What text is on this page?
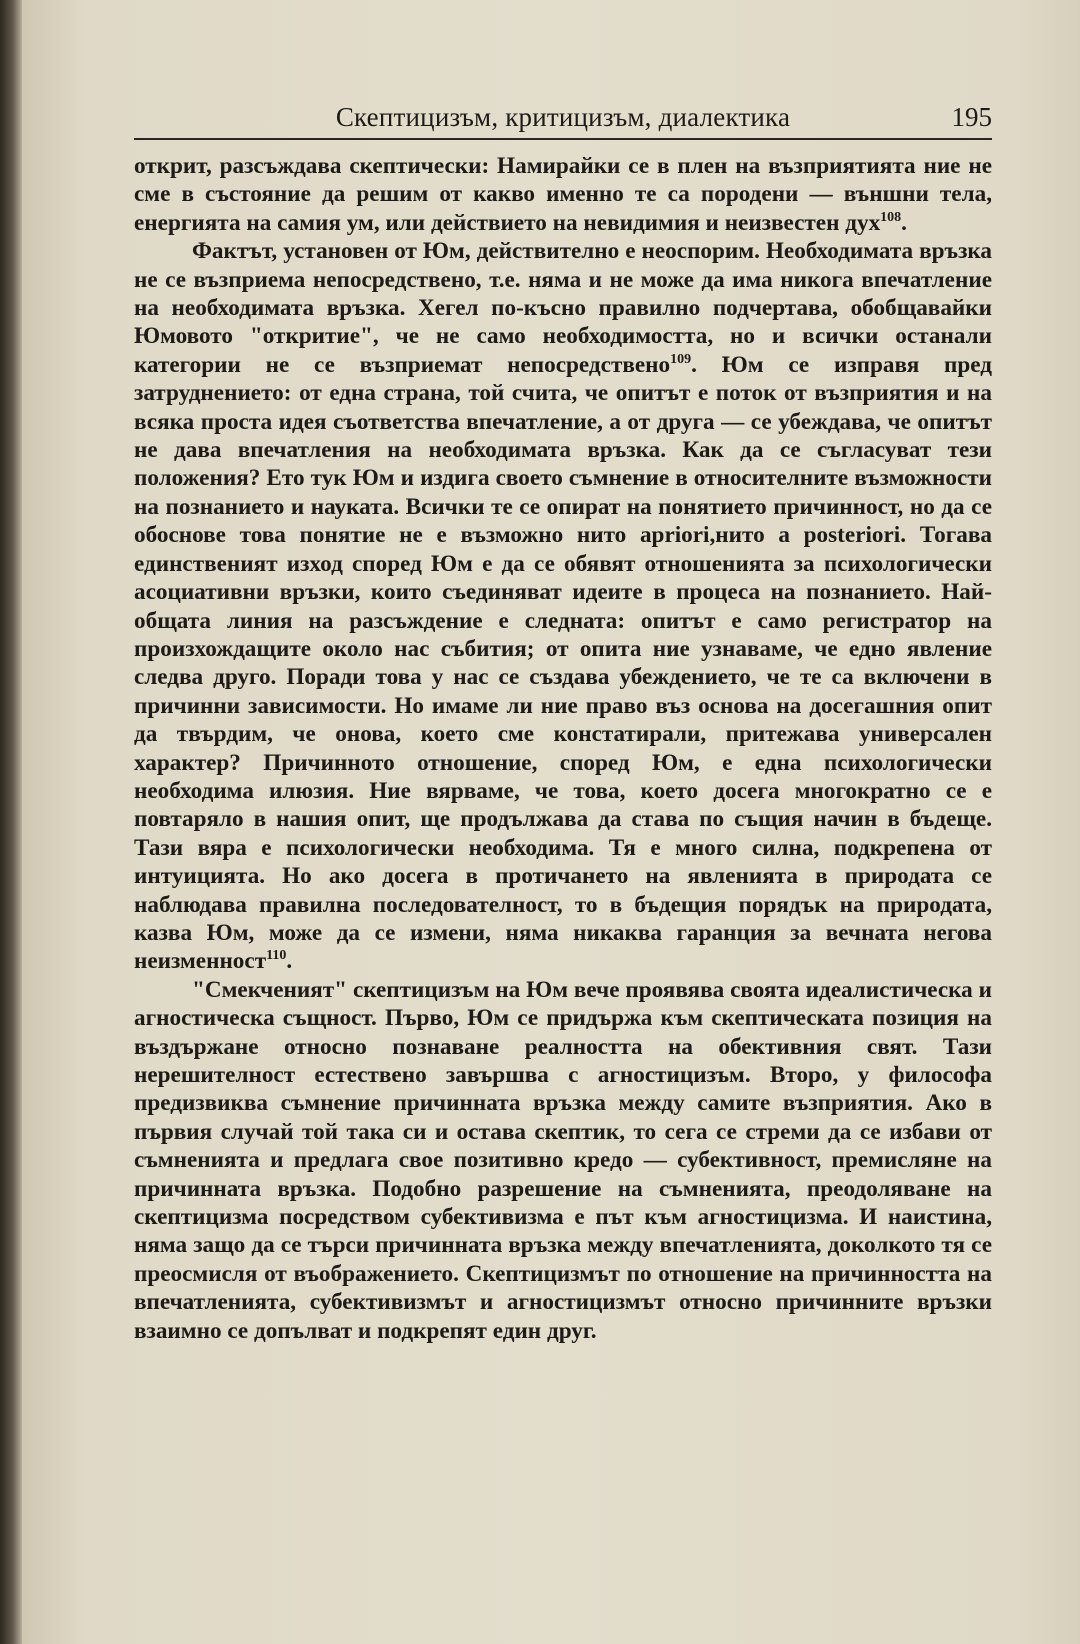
Скептицизъм, критицизъм, диалектика	195

открит, разсъждава скептически: Намирайки се в плен на възприятията ние не сме в състояние да решим от какво именно те са породени — външни тела, енергията на самия ум, или действието на невидимия и неизвестен дух$^{108}$.

Фактът, установен от Юм, действително е неоспорим. Необходимата връзка не се възприема непосредствено, т.е. няма и не може да има никога впечатление на необходимата връзка. Хегел по-късно правилно подчертава, обобщавайки Юмовото "откритие", че не само необходимостта, но и всички останали категории не се възприемат непосредствено$^{109}$. Юм се изправя пред затруднението: от една страна, той счита, че опитът е поток от възприятия и на всяка проста идея съответства впечатление, а от друга — се убеждава, че опитът не дава впечатления на необходимата връзка. Как да се съгласуват тези положения? Ето тук Юм и издига своето съмнение в относителните възможности на познанието и науката. Всички те се опират на понятието причинност, но да се обоснове това понятие не е възможно нито apriori,нито a posteriori. Тогава единственият изход според Юм е да се обявят отношенията за психологически асоциативни връзки, които съединяват идеите в процеса на познанието. Най-общата линия на разсъждение е следната: опитът е само регистратор на произхождащите около нас събития; от опита ние узнаваме, че едно явление следва друго. Поради това у нас се създава убеждението, че те са включени в причинни зависимости. Но имаме ли ние право въз основа на досегашния опит да твърдим, че онова, което сме констатирали, притежава универсален характер? Причинното отношение, според Юм, е една психологически необходима илюзия. Ние вярваме, че това, което досега многократно се е повтаряло в нашия опит, ще продължава да става по същия начин в бъдеще. Тази вяра е психологически необходима. Тя е много силна, подкрепена от интуицията. Но ако досега в протичането на явленията в природата се наблюдава правилна последователност, то в бъдещия порядък на природата, казва Юм, може да се измени, няма никаква гаранция за вечната негова неизменност$^{110}$.

"Смекченият" скептицизъм на Юм вече проявява своята идеалистическа и агностическа същност. Първо, Юм се придържа към скептическата позиция на въздържане относно познаване реалността на обективния свят. Тази нерешителност естествено завършва с агностицизъм. Второ, у философа предизвиква съмнение причинната връзка между самите възприятия. Ако в първия случай той така си и остава скептик, то сега се стреми да се избави от съмненията и предлага свое позитивно кредо — субективност, премисляне на причинната връзка. Подобно разрешение на съмненията, преодоляване на скептицизма посредством субективизма е път към агностицизма. И наистина, няма защо да се търси причинната връзка между впечатленията, доколкото тя се преосмисля от въображението. Скептицизмът по отношение на причинността на впечатленията, субективизмът и агностицизмът относно причинните връзки взаимно се допълват и подкрепят един друг.
